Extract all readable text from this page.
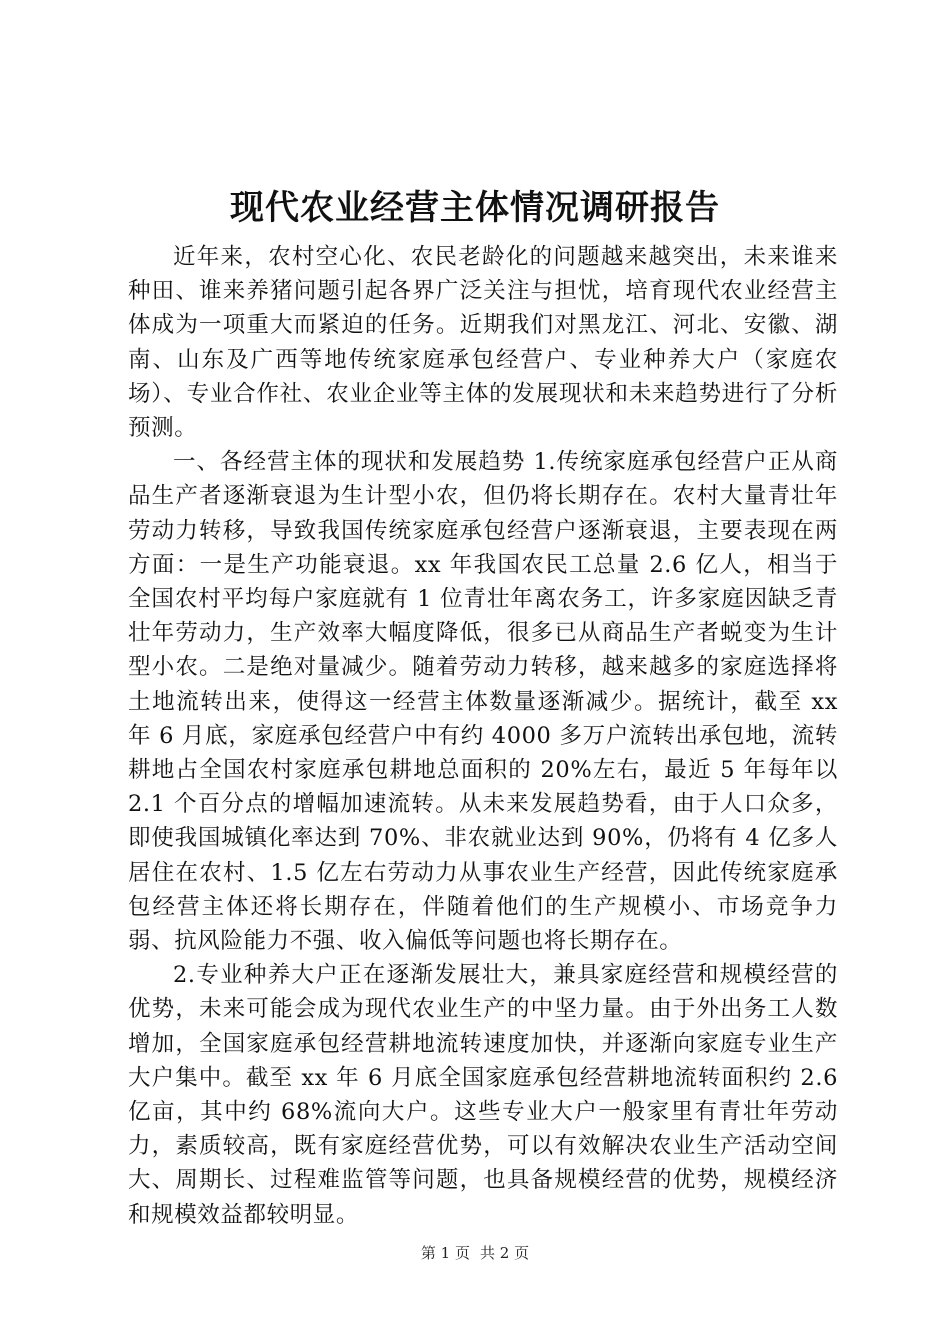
现代农业经营主体情况调研报告

近年来，农村空心化、农民老龄化的问题越来越突出，未来谁来种田、谁来养猪问题引起各界广泛关注与担忧，培育现代农业经营主体成为一项重大而紧迫的任务。近期我们对黑龙江、河北、安徽、湖南、山东及广西等地传统家庭承包经营户、专业种养大户（家庭农场）、专业合作社、农业企业等主体的发展现状和未来趋势进行了分析预测。

一、各经营主体的现状和发展趋势 1.传统家庭承包经营户正从商品生产者逐渐衰退为生计型小农，但仍将长期存在。农村大量青壮年劳动力转移，导致我国传统家庭承包经营户逐渐衰退，主要表现在两方面：一是生产功能衰退。xx 年我国农民工总量 2.6 亿人，相当于全国农村平均每户家庭就有 1 位青壮年离农务工，许多家庭因缺乏青壮年劳动力，生产效率大幅度降低，很多已从商品生产者蜕变为生计型小农。二是绝对量减少。随着劳动力转移，越来越多的家庭选择将土地流转出来，使得这一经营主体数量逐渐减少。据统计，截至 xx 年 6 月底，家庭承包经营户中有约 4000 多万户流转出承包地，流转耕地占全国农村家庭承包耕地总面积的 20%左右，最近 5 年每年以 2.1 个百分点的增幅加速流转。从未来发展趋势看，由于人口众多，即使我国城镇化率达到 70%、非农就业达到 90%，仍将有 4 亿多人居住在农村、1.5 亿左右劳动力从事农业生产经营，因此传统家庭承包经营主体还将长期存在，伴随着他们的生产规模小、市场竞争力弱、抗风险能力不强、收入偏低等问题也将长期存在。

2.专业种养大户正在逐渐发展壮大，兼具家庭经营和规模经营的优势，未来可能会成为现代农业生产的中坚力量。由于外出务工人数增加，全国家庭承包经营耕地流转速度加快，并逐渐向家庭专业生产大户集中。截至 xx 年 6 月底全国家庭承包经营耕地流转面积约 2.6 亿亩，其中约 68%流向大户。这些专业大户一般家里有青壮年劳动力，素质较高，既有家庭经营优势，可以有效解决农业生产活动空间大、周期长、过程难监管等问题，也具备规模经营的优势，规模经济和规模效益都较明显。

第 1 页 共 2 页
